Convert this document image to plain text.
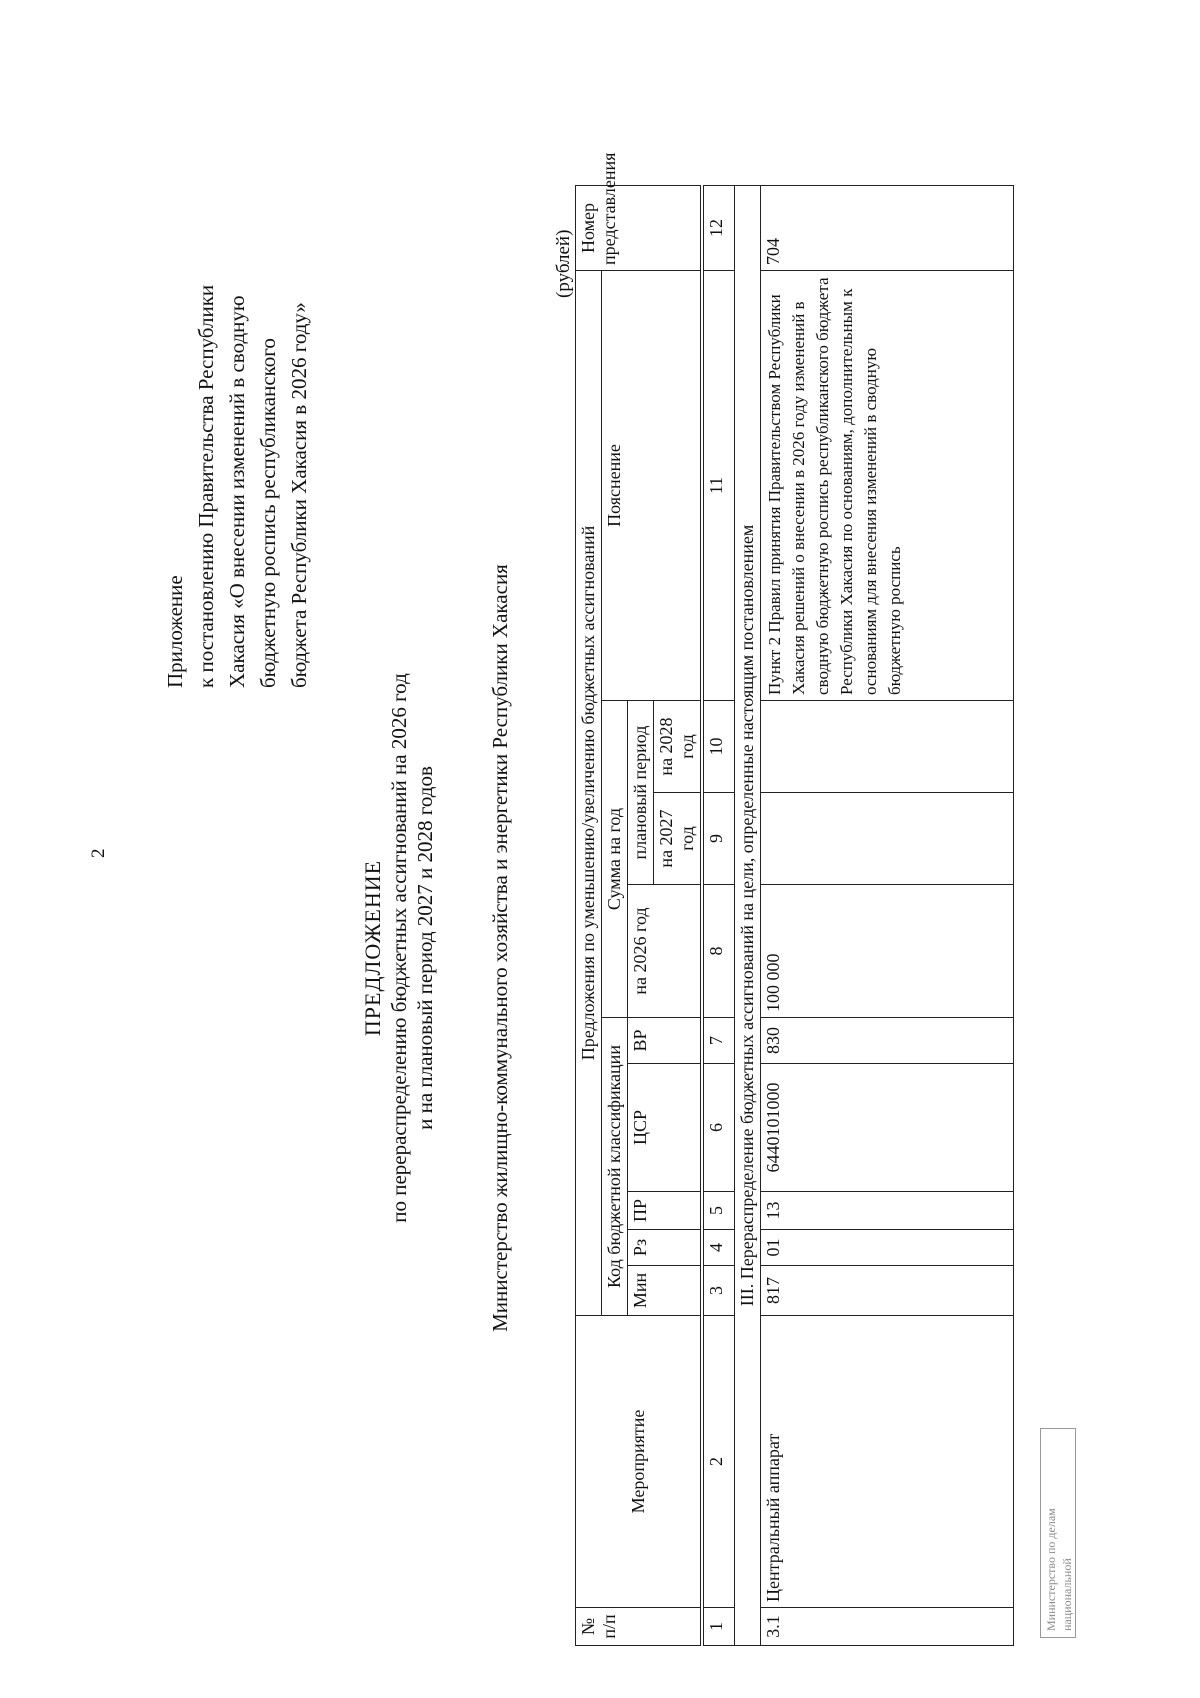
2
Приложение к постановлению Правительства Республики Хакасия «О внесении изменений в сводную бюджетную роспись республиканского бюджета Республики Хакасия в 2026 году»
ПРЕДЛОЖЕНИЕ по перераспределению бюджетных ассигнований на 2026 год и на плановый период 2027 и 2028 годов Министерство жилищно-коммунального хозяйства и энергетики Республики Хакасия
(рублей)
№ п/п	Мероприятие	Предложения по уменьшению/увеличению бюджетных ассигнований									Номер представления
		Код бюджетной классификации					Сумма на год			Пояснение	
		Мин	Рз	ПР	ЦСР	ВР	на 2026 год	плановый период			
								на 2027 год	на 2028 год		

1	2	3	4	5	6	7	8	9	10	11	12
III. Перераспределение бюджетных ассигнований на цели, определенные настоящим постановлением											
3.1	Центральный аппарат	817	01	13	6440101000	830	100 000			Пункт 2 Правил принятия Правительством Республики Хакасия решений о внесении в 2026 году изменений в сводную бюджетную роспись республиканского бюджета Республики Хакасия по основаниям, дополнительным к основаниям для внесения изменений в сводную бюджетную роспись	704
Министерство по делам национальной
